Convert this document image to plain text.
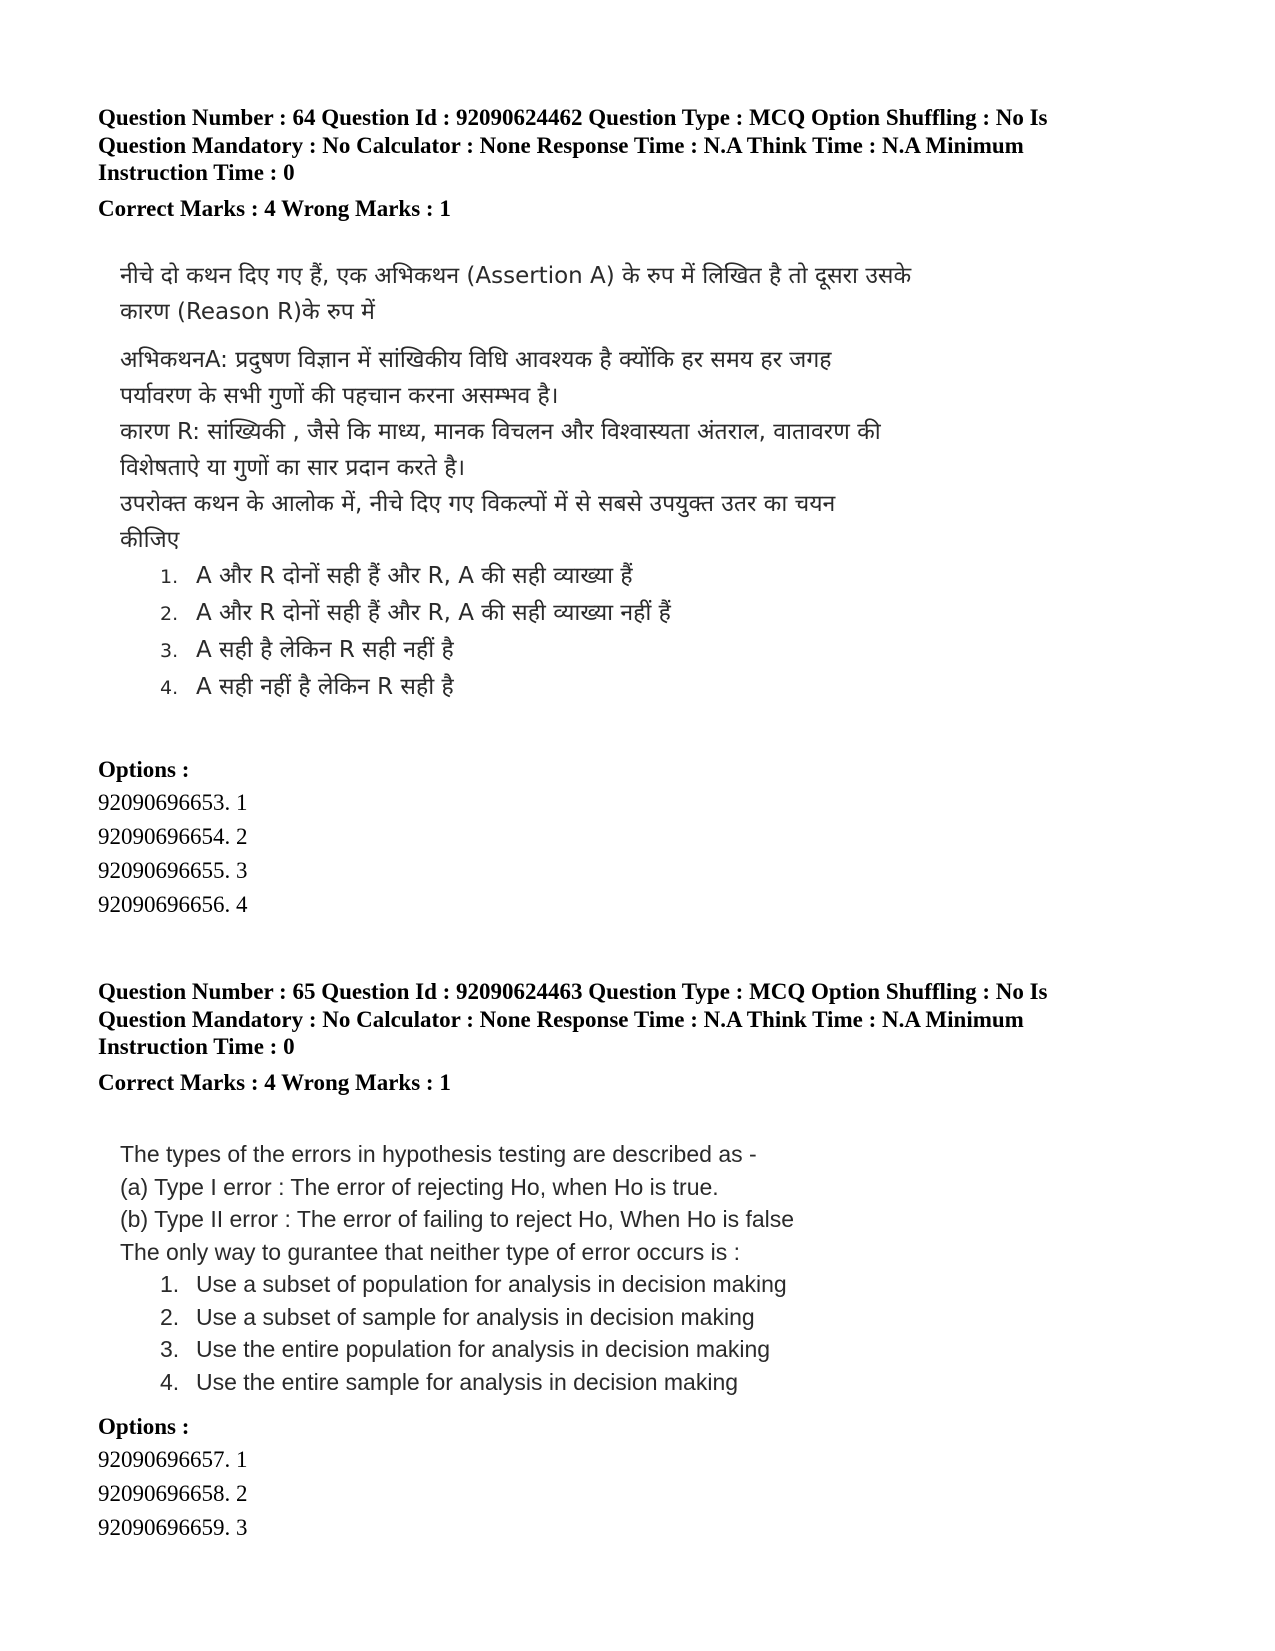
Question Number : 64 Question Id : 92090624462 Question Type : MCQ Option Shuffling : No Is
Question Mandatory : No Calculator : None Response Time : N.A Think Time : N.A Minimum
Instruction Time : 0
Correct Marks : 4 Wrong Marks : 1
नीचे दो कथन दिए गए हैं, एक अभिकथन (Assertion A) के रुप में लिखित है तो दूसरा उसके
कारण (Reason R)के रुप में
अभिकथनA: प्रदुषण विज्ञान में सांखिकीय विधि आवश्यक है क्योंकि हर समय हर जगह
पर्यावरण के सभी गुणों की पहचान करना असम्भव है।
कारण R: सांख्यिकी , जैसे कि माध्य, मानक विचलन और विश्वास्यता अंतराल, वातावरण की
विशेषताऐ या गुणों का सार प्रदान करते है।
उपरोक्त कथन के आलोक में, नीचे दिए गए विकल्पों में से सबसे उपयुक्त उतर का चयन
कीजिए
1. A और R दोनों सही हैं और R, A की सही व्याख्या हैं
2. A और R दोनों सही हैं और R, A की सही व्याख्या नहीं हैं
3. A सही है लेकिन R सही नहीं है
4. A सही नहीं है लेकिन R सही है
Options :
92090696653. 1
92090696654. 2
92090696655. 3
92090696656. 4
Question Number : 65 Question Id : 92090624463 Question Type : MCQ Option Shuffling : No Is
Question Mandatory : No Calculator : None Response Time : N.A Think Time : N.A Minimum
Instruction Time : 0
Correct Marks : 4 Wrong Marks : 1
The types of the errors in hypothesis testing are described as -
(a) Type I error : The error of rejecting Ho, when Ho is true.
(b) Type II error : The error of failing to reject Ho, When Ho is false
The only way to gurantee that neither type of error occurs is :
1. Use a subset of population for analysis in decision making
2. Use a subset of sample for analysis in decision making
3. Use the entire population for analysis in decision making
4. Use the entire sample for analysis in decision making
Options :
92090696657. 1
92090696658. 2
92090696659. 3
